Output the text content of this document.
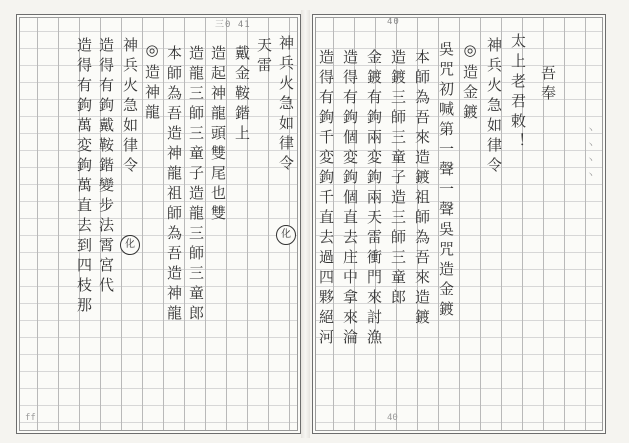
三0 41
神兵火急如律令
化
天雷
戴金鞍鍇上
造起神龍頭雙尾也雙
造龍三師三童子造龍三師三童郎
本師為吾造神龍祖師為吾造神龍
◎造神龍
神兵火急如律令
化
造得有鉤戴鞍鍇變步法霄宮代
造得有鉤萬変鉤萬直去到四枝那
ff
40
造得有鉤千変鉤千直去過四夥絕河 造得有鉤個変鉤個直去庄中拿來淪 金鍍有鉤兩変鉤兩天雷衝門來討漁 造鍍三師三童子造三師三童郎 本師為吾來造鍍祖師為吾來造鍍 吳咒初喊第一聲一聲吳咒造金鍍 ◎造金鍍 神兵火急如律令 太上老君敕！ 吾奉
丶丶丶丶
40
